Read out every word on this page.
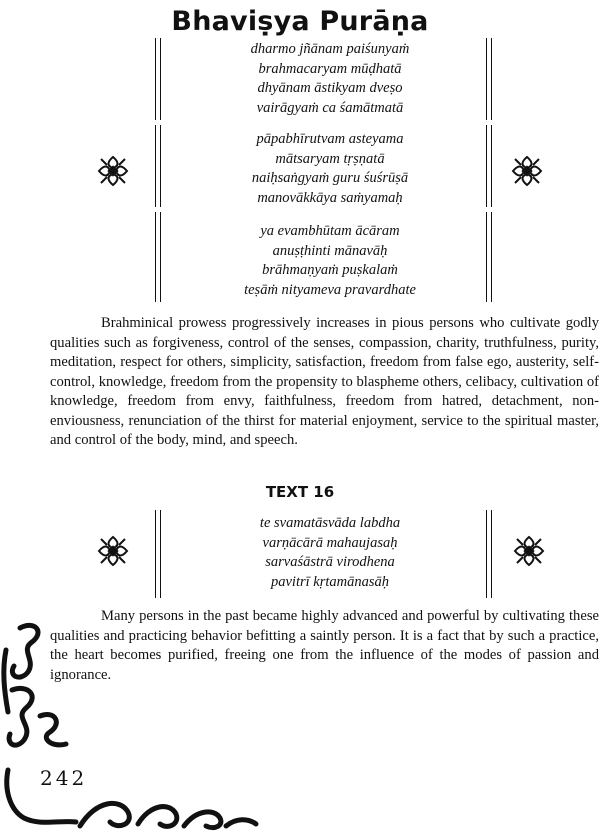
Bhaviṣya Purāṇa
dharmo jñānam paiśunyaṁ
brahmacaryam mūḍhatā
dhyānam āstikyam dveṣo
vairāgyaṁ ca śamātmatā
pāpabhīrutvam asteyama
mātsaryam tṛṣṇatā
naiḥsaṅgyaṁ guru śuśrūṣā
manovākkāya saṁyamaḥ
ya evambhūtam ācāram
anuṣṭhinti mānavāḥ
brāhmaṇyaṁ puṣkalaṁ
teṣāṁ nityameva pravardhate

Brahminical prowess progressively increases in pious persons who cultivate godly qualities such as forgiveness, control of the senses, compassion, charity, truthfulness, purity, meditation, respect for others, simplicity, satisfaction, freedom from false ego, austerity, self-control, knowledge, freedom from the propensity to blaspheme others, celibacy, cultivation of knowledge, freedom from envy, faithfulness, freedom from hatred, detachment, non-enviousness, renunciation of the thirst for material enjoyment, service to the spiritual master, and control of the body, mind, and speech.

TEXT 16
te svamatāsvāda labdha
varṇācārā mahaujasaḥ
sarvaśāstrā virodhena
pavitrī kṛtamānasāḥ

Many persons in the past became highly advanced and powerful by cultivating these qualities and practicing behavior befitting a saintly person. It is a fact that by such a practice, the heart becomes purified, freeing one from the influence of the modes of passion and ignorance.

242
